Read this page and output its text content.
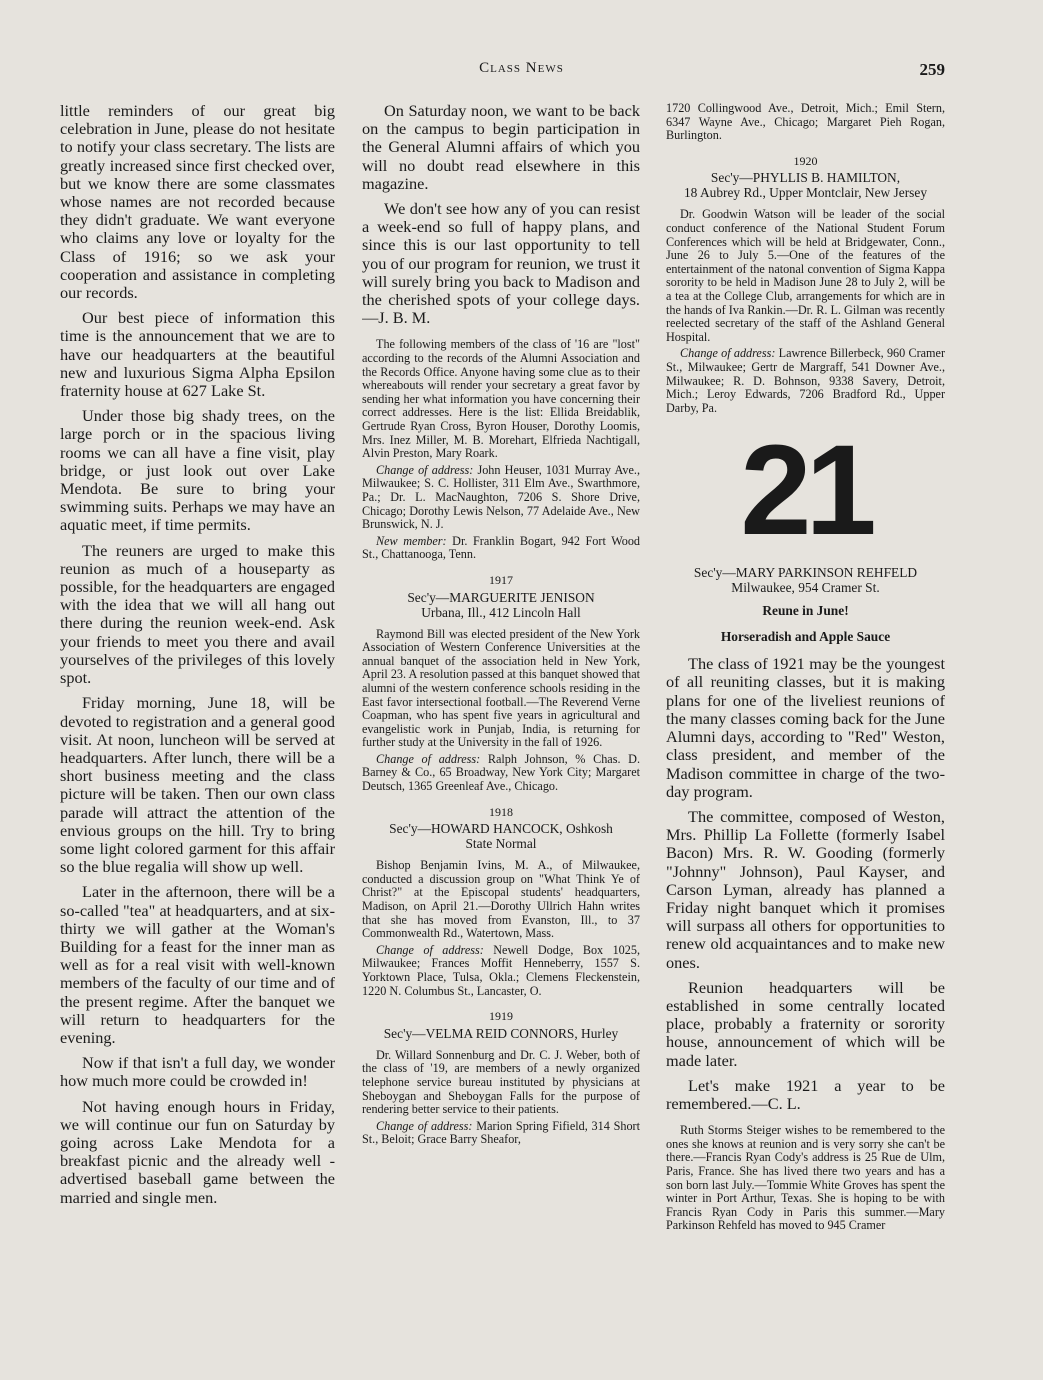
Class News	259

little reminders of our great big celebration in June, please do not hesitate to notify your class secretary. The lists are greatly increased since first checked over, but we know there are some classmates whose names are not recorded because they didn't graduate. We want everyone who claims any love or loyalty for the Class of 1916; so we ask your cooperation and assistance in completing our records.

Our best piece of information this time is the announcement that we are to have our headquarters at the beautiful new and luxurious Sigma Alpha Epsilon fraternity house at 627 Lake St.

Under those big shady trees, on the large porch or in the spacious living rooms we can all have a fine visit, play bridge, or just look out over Lake Mendota. Be sure to bring your swimming suits. Perhaps we may have an aquatic meet, if time permits.

The reuners are urged to make this reunion as much of a houseparty as possible, for the headquarters are engaged with the idea that we will all hang out there during the reunion week-end. Ask your friends to meet you there and avail yourselves of the privileges of this lovely spot.

Friday morning, June 18, will be devoted to registration and a general good visit. At noon, luncheon will be served at headquarters. After lunch, there will be a short business meeting and the class picture will be taken. Then our own class parade will attract the attention of the envious groups on the hill. Try to bring some light colored garment for this affair so the blue regalia will show up well.

Later in the afternoon, there will be a so-called "tea" at headquarters, and at six-thirty we will gather at the Woman's Building for a feast for the inner man as well as for a real visit with well-known members of the faculty of our time and of the present regime. After the banquet we will return to headquarters for the evening.

Now if that isn't a full day, we wonder how much more could be crowded in!

Not having enough hours in Friday, we will continue our fun on Saturday by going across Lake Mendota for a breakfast picnic and the already well - advertised baseball game between the married and single men.

On Saturday noon, we want to be back on the campus to begin participation in the General Alumni affairs of which you will no doubt read elsewhere in this magazine.

We don't see how any of you can resist a week-end so full of happy plans, and since this is our last opportunity to tell you of our program for reunion, we trust it will surely bring you back to Madison and the cherished spots of your college days. —J. B. M.

The following members of the class of '16 are "lost" according to the records of the Alumni Association and the Records Office. Anyone having some clue as to their whereabouts will render your secretary a great favor by sending her what information you have concerning their correct addresses. Here is the list: Ellida Breidablik, Gertrude Ryan Cross, Byron Houser, Dorothy Loomis, Mrs. Inez Miller, M. B. Morehart, Elfrieda Nachtigall, Alvin Preston, Mary Roark.

Change of address: John Heuser, 1031 Murray Ave., Milwaukee; S. C. Hollister, 311 Elm Ave., Swarthmore, Pa.; Dr. L. MacNaughton, 7206 S. Shore Drive, Chicago; Dorothy Lewis Nelson, 77 Adelaide Ave., New Brunswick, N. J.

New member: Dr. Franklin Bogart, 942 Fort Wood St., Chattanooga, Tenn.

1917
Sec'y—MARGUERITE JENISON
Urbana, Ill., 412 Lincoln Hall

Raymond Bill was elected president of the New York Association of Western Conference Universities at the annual banquet of the association held in New York, April 23. A resolution passed at this banquet showed that alumni of the western conference schools residing in the East favor intersectional football.—The Reverend Verne Coapman, who has spent five years in agricultural and evangelistic work in Punjab, India, is returning for further study at the University in the fall of 1926.

Change of address: Ralph Johnson, % Chas. D. Barney & Co., 65 Broadway, New York City; Margaret Deutsch, 1365 Greenleaf Ave., Chicago.

1918
Sec'y—HOWARD HANCOCK, Oshkosh
State Normal

Bishop Benjamin Ivins, M. A., of Milwaukee, conducted a discussion group on "What Think Ye of Christ?" at the Episcopal students' headquarters, Madison, on April 21.—Dorothy Ullrich Hahn writes that she has moved from Evanston, Ill., to 37 Commonwealth Rd., Watertown, Mass.

Change of address: Newell Dodge, Box 1025, Milwaukee; Frances Moffit Henneberry, 1557 S. Yorktown Place, Tulsa, Okla.; Clemens Fleckenstein, 1220 N. Columbus St., Lancaster, O.

1919
Sec'y—VELMA REID CONNORS, Hurley

Dr. Willard Sonnenburg and Dr. C. J. Weber, both of the class of '19, are members of a newly organized telephone service bureau instituted by physicians at Sheboygan and Sheboygan Falls for the purpose of rendering better service to their patients.

Change of address: Marion Spring Fifield, 314 Short St., Beloit; Grace Barry Sheafor,

1720 Collingwood Ave., Detroit, Mich.; Emil Stern, 6347 Wayne Ave., Chicago; Margaret Pieh Rogan, Burlington.

1920
Sec'y—PHYLLIS B. HAMILTON,
18 Aubrey Rd., Upper Montclair, New Jersey

Dr. Goodwin Watson will be leader of the social conduct conference of the National Student Forum Conferences which will be held at Bridgewater, Conn., June 26 to July 5.—One of the features of the entertainment of the natonal convention of Sigma Kappa sorority to be held in Madison June 28 to July 2, will be a tea at the College Club, arrangements for which are in the hands of Iva Rankin.—Dr. R. L. Gilman was recently reelected secretary of the staff of the Ashland General Hospital.

Change of address: Lawrence Billerbeck, 960 Cramer St., Milwaukee; Gertr de Margraff, 541 Downer Ave., Milwaukee; R. D. Bohnson, 9338 Savery, Detroit, Mich.; Leroy Edwards, 7206 Bradford Rd., Upper Darby, Pa.

21
Sec'y—MARY PARKINSON REHFELD
Milwaukee, 954 Cramer St.
Reune in June!
Horseradish and Apple Sauce

The class of 1921 may be the youngest of all reuniting classes, but it is making plans for one of the liveliest reunions of the many classes coming back for the June Alumni days, according to "Red" Weston, class president, and member of the Madison committee in charge of the two-day program.

The committee, composed of Weston, Mrs. Phillip La Follette (formerly Isabel Bacon) Mrs. R. W. Gooding (formerly "Johnny" Johnson), Paul Kayser, and Carson Lyman, already has planned a Friday night banquet which it promises will surpass all others for opportunities to renew old acquaintances and to make new ones.

Reunion headquarters will be established in some centrally located place, probably a fraternity or sorority house, announcement of which will be made later.

Let's make 1921 a year to be remembered.—C. L.

Ruth Storms Steiger wishes to be remembered to the ones she knows at reunion and is very sorry she can't be there.—Francis Ryan Cody's address is 25 Rue de Ulm, Paris, France. She has lived there two years and has a son born last July.—Tommie White Groves has spent the winter in Port Arthur, Texas. She is hoping to be with Francis Ryan Cody in Paris this summer.—Mary Parkinson Rehfeld has moved to 945 Cramer
